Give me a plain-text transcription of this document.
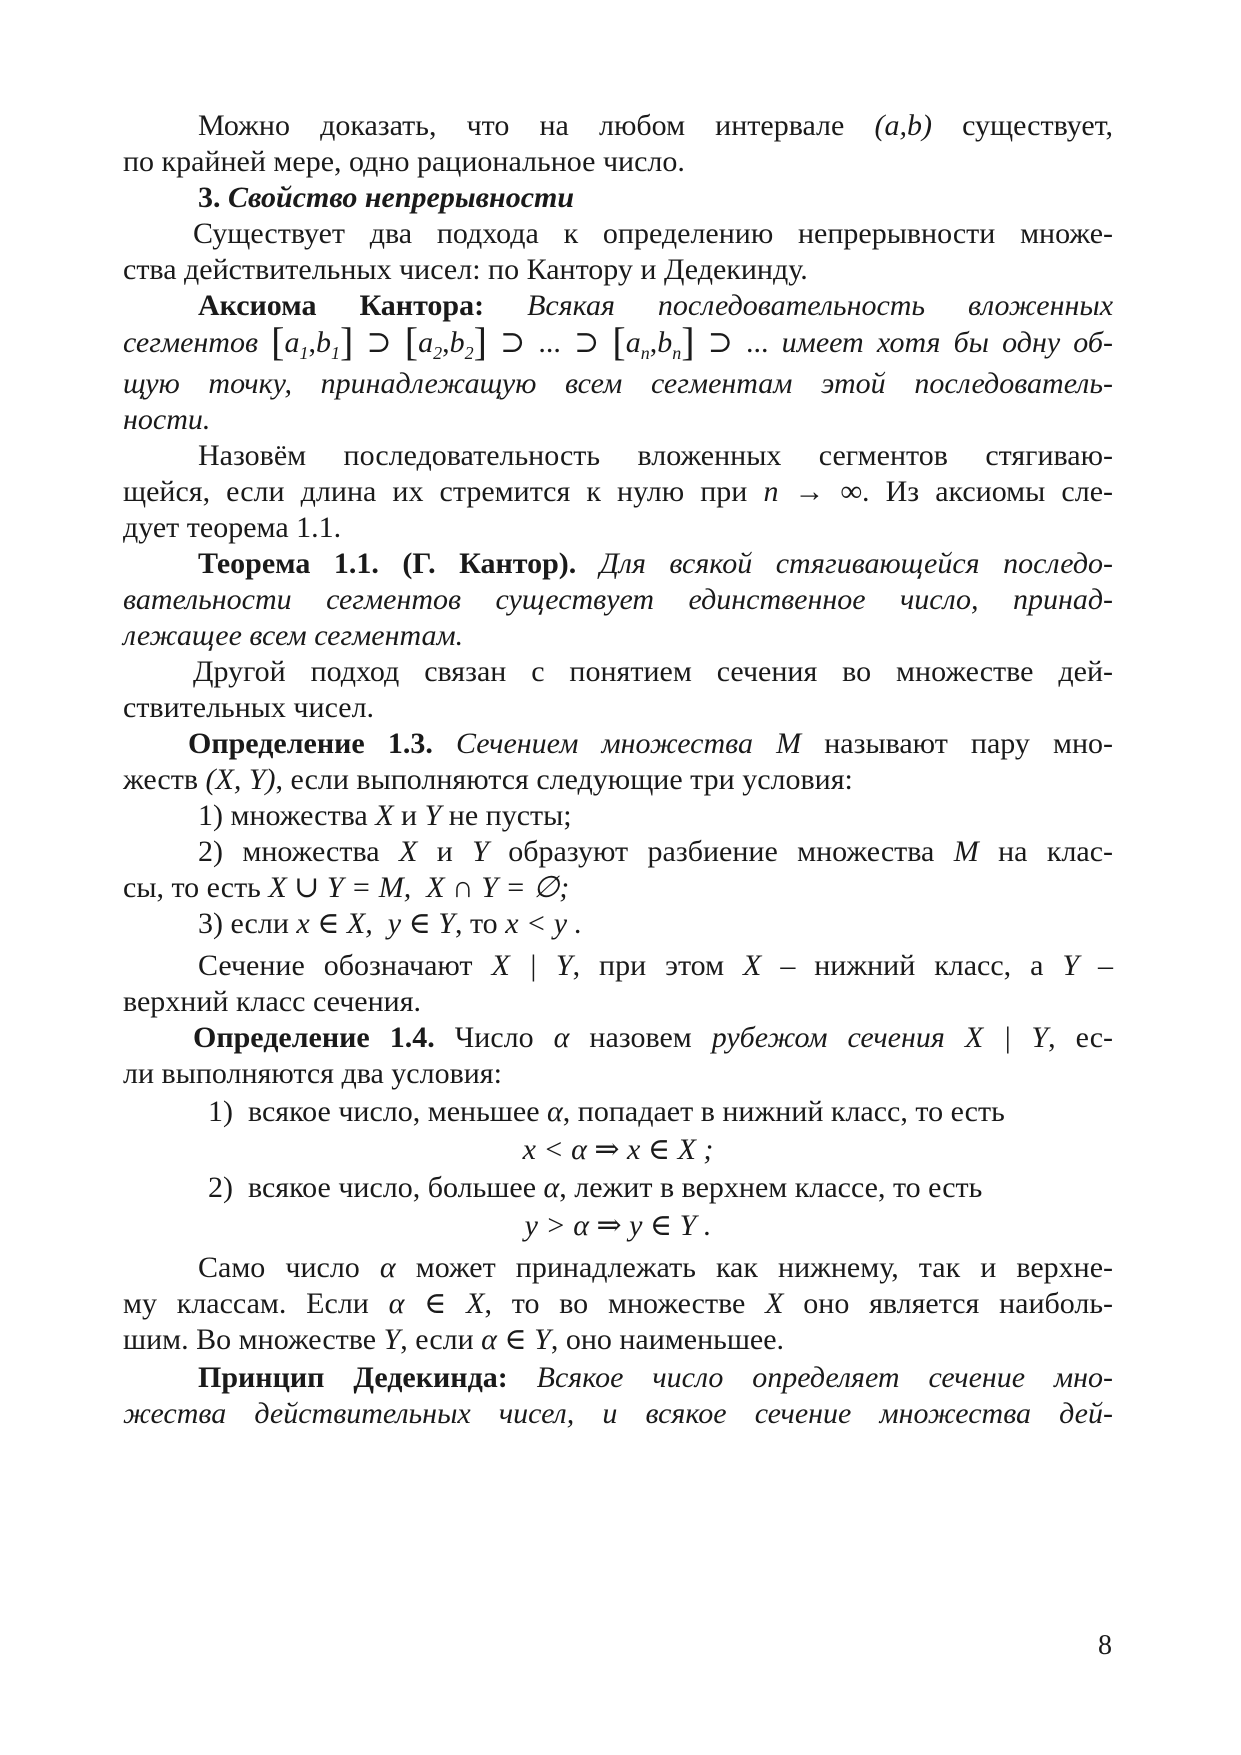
Можно доказать, что на любом интервале (a,b) существует,
по крайней мере, одно рациональное число.
3. Свойство непрерывности
Существует два подхода к определению непрерывности множе-
ства действительных чисел: по Кантору и Дедекинду.
Аксиома Кантора: Всякая последовательность вложенных
сегментов $[a_1,b_1]$ ⊃ $[a_2,b_2]$ ⊃ ... ⊃ $[a_n,b_n]$ ⊃ ... имеет хотя бы одну об-
щую точку, принадлежащую всем сегментам этой последователь-
ности.
Назовём последовательность вложенных сегментов стягиваю-
щейся, если длина их стремится к нулю при n → ∞. Из аксиомы сле-
дует теорема 1.1.
Теорема 1.1. (Г. Кантор). Для всякой стягивающейся последо-
вательности сегментов существует единственное число, принад-
лежащее всем сегментам.
Другой подход связан с понятием сечения во множестве дей-
ствительных чисел.
Определение 1.3. Сечением множества M называют пару мно-
жеств (X, Y), если выполняются следующие три условия:
1) множества X и Y не пусты;
2) множества X и Y образуют разбиение множества M на клас-
сы, то есть X ∪ Y = M,  X ∩ Y = ∅;
3) если x ∈ X,  y ∈ Y, то x < y .
Сечение обозначают X | Y, при этом X – нижний класс, а Y –
верхний класс сечения.
Определение 1.4. Число α назовем рубежом сечения X | Y, ес-
ли выполняются два условия:
1)  всякое число, меньшее α, попадает в нижний класс, то есть
x < α ⇒ x ∈ X ;
2)  всякое число, большее α, лежит в верхнем классе, то есть
y > α ⇒ y ∈ Y .
Само число α может принадлежать как нижнему, так и верхне-
му классам. Если α ∈ X, то во множестве X оно является наиболь-
шим. Во множестве Y, если α ∈ Y, оно наименьшее.
Принцип Дедекинда: Всякое число определяет сечение мно-
жества действительных чисел, и всякое сечение множества дей-
8
